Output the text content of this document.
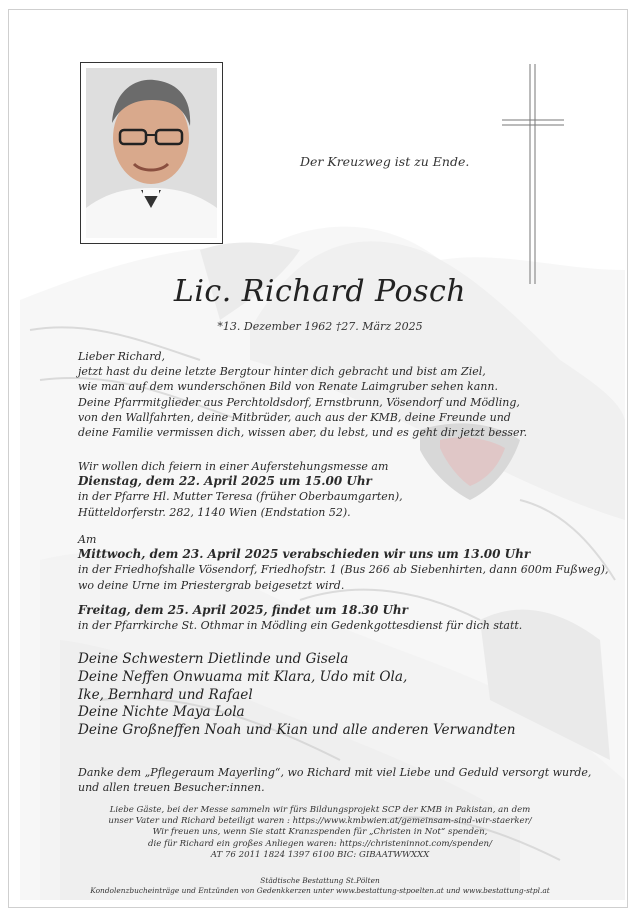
Der Kreuzweg ist zu Ende.
Lic. Richard Posch
*13. Dezember 1962 †27. März 2025
Lieber Richard,
jetzt hast du deine letzte Bergtour hinter dich gebracht und bist am Ziel,
wie man auf dem wunderschönen Bild von Renate Laimgruber sehen kann.
Deine Pfarrmitglieder aus Perchtoldsdorf, Ernstbrunn, Vösendorf und Mödling,
von den Wallfahrten, deine Mitbrüder, auch aus der KMB, deine Freunde und
deine Familie vermissen dich, wissen aber, du lebst, und es geht dir jetzt besser.
Wir wollen dich feiern in einer Auferstehungsmesse am
Dienstag, dem 22. April 2025 um 15.00 Uhr
in der Pfarre Hl. Mutter Teresa (früher Oberbaumgarten),
Hütteldorferstr. 282, 1140 Wien (Endstation 52).
Am
Mittwoch, dem 23. April 2025 verabschieden wir uns um 13.00 Uhr
in der Friedhofshalle Vösendorf, Friedhofstr. 1 (Bus 266 ab Siebenhirten, dann 600m Fußweg),
wo deine Urne im Priestergrab beigesetzt wird.
Freitag, dem 25. April 2025, findet um 18.30 Uhr
in der Pfarrkirche St. Othmar in Mödling ein Gedenkgottesdienst für dich statt.
Deine Schwestern Dietlinde und Gisela
Deine Neffen Onwuama mit Klara, Udo mit Ola,
Ike, Bernhard und Rafael
Deine Nichte Maya Lola
Deine Großneffen Noah und Kian und alle anderen Verwandten
Danke dem „Pflegeraum Mayerling“, wo Richard mit viel Liebe und Geduld versorgt wurde,
und allen treuen Besucher:innen.
Liebe Gäste, bei der Messe sammeln wir fürs Bildungsprojekt SCP der KMB in Pakistan, an dem
unser Vater und Richard beteiligt waren : https://www.kmbwien.at/gemeinsam-sind-wir-staerker/
Wir freuen uns, wenn Sie statt Kranzspenden für „Christen in Not“ spenden,
die für Richard ein großes Anliegen waren: https://christeninnot.com/spenden/
AT 76 2011 1824 1397 6100 BIC: GIBAATWWXXX
Städtische Bestattung St.Pölten
Kondolenzbucheinträge und Entzünden von Gedenkkerzen unter www.bestattung-stpoelten.at und www.bestattung-stpl.at
